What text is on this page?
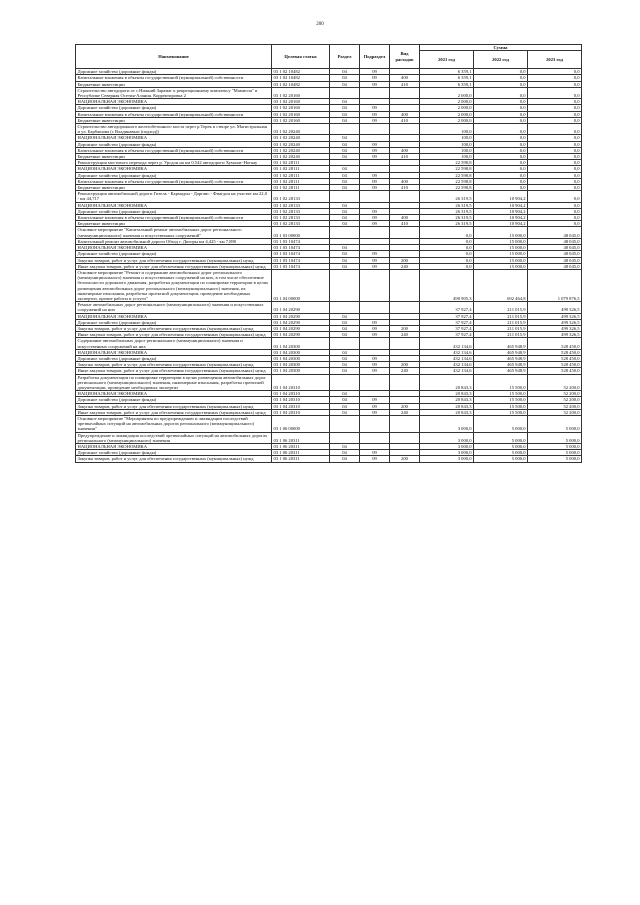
200
Наименование	Целевая статья	Раздел	Подраздел	Вид расходов	Сумма		
					2021 год	2022 год	2023 год
Дорожное хозяйство (дорожные фонды)	03 1 02 10482	04	09		6 359,1	0,0	0,0
Капитальные вложения в объекты государственной (муниципальной) собственности	03 1 02 10482	04	09	400	6 359,1	0,0	0,0
Бюджетные инвестиции	03 1 02 10482	04	09	410	6 359,1	0,0	0,0
Строительство автодороги от с.Нижний Зарамаг к рекреационному комплексу "Мамисон" в Республике Северная Осетия-Алания. Корректировка 2	03 1 02 20160				2 000,0	0,0	0,0
НАЦИОНАЛЬНАЯ ЭКОНОМИКА	03 1 02 20160	04			2 000,0	0,0	0,0
Дорожное хозяйство (дорожные фонды)	03 1 02 20160	04	09		2 000,0	0,0	0,0
Капитальные вложения в объекты государственной (муниципальной) собственности	03 1 02 20160	04	09	400	2 000,0	0,0	0,0
Бюджетные инвестиции	03 1 02 20160	04	09	410	2 000,0	0,0	0,0
Строительство автодорожного железобетонного моста через р.Терек в створе ул. Магистральная и ул. Барбашова (с Владикавказ (подход))	03 1 02 20240				100,0	0,0	0,0
НАЦИОНАЛЬНАЯ ЭКОНОМИКА	03 1 02 20240	04			100,0	0,0	0,0
Дорожное хозяйство (дорожные фонды)	03 1 02 20240	04	09		100,0	0,0	0,0
Капитальные вложения в объекты государственной (муниципальной) собственности	03 1 02 20240	04	09	400	100,0	0,0	0,0
Бюджетные инвестиции	03 1 02 20240	04	09	410	100,0	0,0	0,0
Реконструкция мостового перехода через р. Урсдон на км 0,542 автодороги Хумалаг-Ногкау	03 1 02 28111				22 598,8	0,0	0,0
НАЦИОНАЛЬНАЯ ЭКОНОМИКА	03 1 02 28111	04			22 598,8	0,0	0,0
Дорожное хозяйство (дорожные фонды)	03 1 02 28111	04	09		22 598,8	0,0	0,0
Капитальные вложения в объекты государственной (муниципальной) собственности	03 1 02 28111	04	09	400	22 598,8	0,0	0,0
Бюджетные инвестиции	03 1 02 28111	04	09	410	22 598,8	0,0	0,0
Реконструкция автомобильной дороги Гизель - Кармадон - Даргавс - Фиагдон на участке км 22,0 - км 44,717	03 1 02 28133				26 319,5	10 904,2	0,0
НАЦИОНАЛЬНАЯ ЭКОНОМИКА	03 1 02 28133	04			26 319,5	10 904,2	0,0
Дорожное хозяйство (дорожные фонды)	03 1 02 28133	04	09		26 319,5	10 904,2	0,0
Капитальные вложения в объекты государственной (муниципальной) собственности	03 1 02 28133	04	09	400	26 319,5	10 904,2	0,0
Бюджетные инвестиции	03 1 02 28133	04	09	410	26 319,5	10 904,2	0,0
Основное мероприятие "Капитальный ремонт автомобильных дорог регионального (межмуниципального) значения и искусственных сооружений"	03 1 03 00000				0,0	15 000,0	48 045,0
Капитальный ремонт автомобильной дороги Обход г. Дигоры км 4,425 - км 7,890	03 1 03 10474				0,0	15 000,0	48 045,0
НАЦИОНАЛЬНАЯ ЭКОНОМИКА	03 1 03 10474	04			0,0	15 000,0	48 045,0
Дорожное хозяйство (дорожные фонды)	03 1 03 10474	04	09		0,0	15 000,0	48 045,0
Закупка товаров, работ и услуг для обеспечения государственных (муниципальных) нужд	03 1 03 10474	04	09	200	0,0	15 000,0	48 045,0
Иные закупки товаров, работ и услуг для обеспечения государственных (муниципальных) нужд	03 1 03 10474	04	09	240	0,0	15 000,0	48 045,0
Основное мероприятие "Ремонт и содержание автомобильных дорог регионального (межмуниципального) значения и искусственных сооружений на них, в том числе обеспечение безопасности дорожного движения, разработка документации по планировке территории в целях размещения автомобильных дорог регионального (межмуниципального) значения, их инженерные изыскания, разработка проектной документации, проведение необходимых экспертиз, прочие работы и услуги"	03 1 04 00000				490 905,3	692 464,8	1 079 876,5
Ремонт автомобильных дорог регионального (межмуниципального) значения и искусственных сооружений на них	03 1 04 20290				37 927,4	211 015,9	499 326,5
НАЦИОНАЛЬНАЯ ЭКОНОМИКА	03 1 04 20290	04			37 927,4	211 015,9	499 326,5
Дорожное хозяйство (дорожные фонды)	03 1 04 20290	04	09		37 927,4	211 015,9	499 326,5
Закупка товаров, работ и услуг для обеспечения государственных (муниципальных) нужд	03 1 04 20290	04	09	200	37 927,4	211 015,9	499 326,5
Иные закупки товаров, работ и услуг для обеспечения государственных (муниципальных) нужд	03 1 04 20290	04	09	240	37 927,4	211 015,9	499 326,5
Содержание автомобильных дорог регионального (межмуниципального) значения и искусственных сооружений на них	03 1 04 20300				432 134,6	465 948,9	528 450,0
НАЦИОНАЛЬНАЯ ЭКОНОМИКА	03 1 04 20300	04			432 134,6	465 948,9	528 450,0
Дорожное хозяйство (дорожные фонды)	03 1 04 20300	04	09		432 134,6	465 948,9	528 450,0
Закупка товаров, работ и услуг для обеспечения государственных (муниципальных) нужд	03 1 04 20300	04	09	200	432 134,6	465 948,9	528 450,0
Иные закупки товаров, работ и услуг для обеспечения государственных (муниципальных) нужд	03 1 04 20300	04	09	240	432 134,6	465 948,9	528 450,0
Разработка документации по планировке территории в целях размещения автомобильных дорог регионального (межмуниципального) значения, инженерные изыскания, разработка проектной документации, проведение необходимых экспертиз	03 1 04 20310				20 843,3	15 500,0	52 200,0
НАЦИОНАЛЬНАЯ ЭКОНОМИКА	03 1 04 20310	04			20 843,3	15 500,0	52 200,0
Дорожное хозяйство (дорожные фонды)	03 1 04 20310	04	09		20 843,3	15 500,0	52 200,0
Закупка товаров, работ и услуг для обеспечения государственных (муниципальных) нужд	03 1 04 20310	04	09	200	20 843,3	15 500,0	52 200,0
Иные закупки товаров, работ и услуг для обеспечения государственных (муниципальных) нужд	03 1 04 20310	04	09	240	20 843,3	15 500,0	52 200,0
Основное мероприятие "Мероприятия по предупреждению и ликвидации последствий чрезвычайных ситуаций на автомобильных дорогах регионального (межмуниципального) значения"	03 1 06 00000				3 000,0	5 000,0	5 000,0
Предупреждение и ликвидация последствий чрезвычайных ситуаций на автомобильных дорогах регионального (межмуниципального) значения	03 1 06 20311				3 000,0	5 000,0	5 000,0
НАЦИОНАЛЬНАЯ ЭКОНОМИКА	03 1 06 20311	04			3 000,0	5 000,0	5 000,0
Дорожное хозяйство (дорожные фонды)	03 1 06 20311	04	09		3 000,0	5 000,0	5 000,0
Закупка товаров, работ и услуг для обеспечения государственных (муниципальных) нужд	03 1 06 20311	04	09	200	3 000,0	5 000,0	5 000,0
